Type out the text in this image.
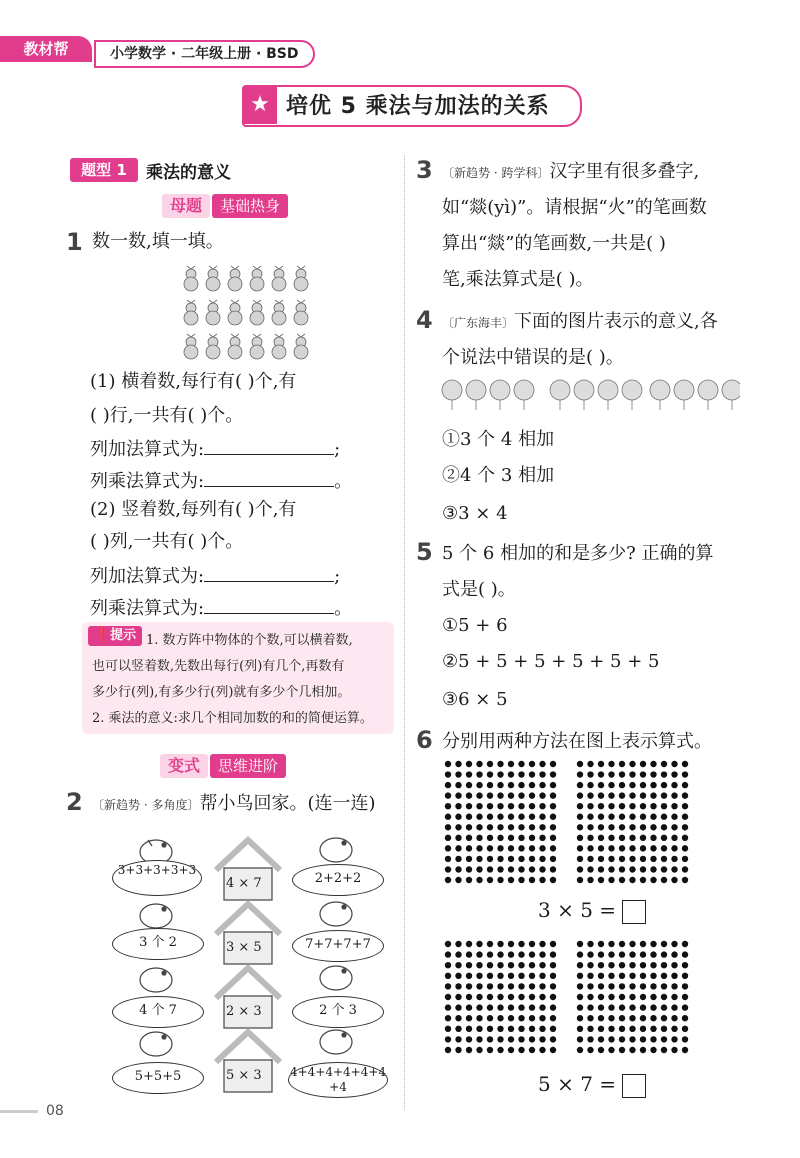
教材帮	小学数学 · 二年级上册 · BSD
★ 培优 5 乘法与加法的关系
题型 1	乘法的意义
母题	基础热身
1 数一数,填一填。
(1) 横着数,每行有( )个,有
( )行,一共有( )个。
列加法算式为:	;
列乘法算式为:	。
(2) 竖着数,每列有( )个,有
( )列,一共有( )个。
列加法算式为:	;
列乘法算式为:	。
❗提示 1. 数方阵中物体的个数,可以横着数,
也可以竖着数,先数出每行(列)有几个,再数有
多少行(列),有多少行(列)就有多少个几相加。
2. 乘法的意义:求几个相同加数的和的简便运算。
变式	思维进阶
2 〔新趋势 · 多角度〕帮小鸟回家。(连一连)
3+3+3+3+3
3 个 2
4 个 7
5+5+5
4 × 7
3 × 5
2 × 3
5 × 3
2+2+2
7+7+7+7
2 个 3
4+4+4+4+4+4+4
3 〔新趋势 · 跨学科〕汉字里有很多叠字,
如“燚(yì)”。请根据“火”的笔画数
算出“燚”的笔画数,一共是( )
笔,乘法算式是( )。
4 〔广东海丰〕下面的图片表示的意义,各
个说法中错误的是( )。
①3 个 4 相加
②4 个 3 相加
③3 × 4
5 5 个 6 相加的和是多少? 正确的算
式是( )。
①5 + 6
②5 + 5 + 5 + 5 + 5 + 5
③6 × 5
6 分别用两种方法在图上表示算式。
3 × 5 =
5 × 7 =
08
